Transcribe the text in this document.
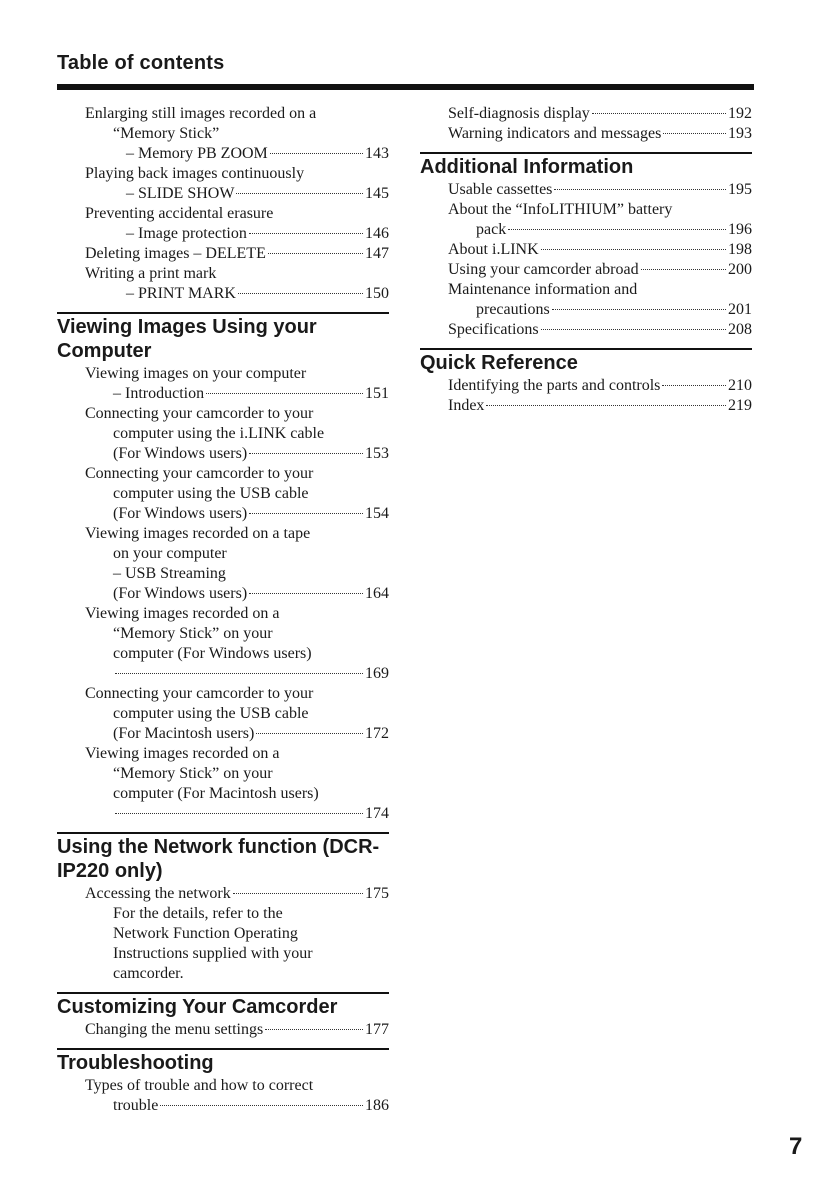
Table of contents
Enlarging still images recorded on a
“Memory Stick”
– Memory PB ZOOM	143
Playing back images continuously
– SLIDE SHOW	145
Preventing accidental erasure
– Image protection	146
Deleting images – DELETE	147
Writing a print mark
– PRINT MARK	150
Viewing Images Using your Computer
Viewing images on your computer
– Introduction	151
Connecting your camcorder to your
computer using the i.LINK cable
(For Windows users)	153
Connecting your camcorder to your
computer using the USB cable
(For Windows users)	154
Viewing images recorded on a tape
on your computer
– USB Streaming
(For Windows users)	164
Viewing images recorded on a
“Memory Stick” on your
computer (For Windows users)
169
Connecting your camcorder to your
computer using the USB cable
(For Macintosh users)	172
Viewing images recorded on a
“Memory Stick” on your
computer (For Macintosh users)
174
Using the Network function (DCR-IP220 only)
Accessing the network	175
For the details, refer to the
Network Function Operating
Instructions supplied with your
camcorder.
Customizing Your Camcorder
Changing the menu settings	177
Troubleshooting
Types of trouble and how to correct
trouble	186
Self-diagnosis display	192
Warning indicators and messages	193
Additional Information
Usable cassettes	195
About the “InfoLITHIUM” battery
pack	196
About i.LINK	198
Using your camcorder abroad	200
Maintenance information and
precautions	201
Specifications	208
Quick Reference
Identifying the parts and controls	210
Index	219
7
